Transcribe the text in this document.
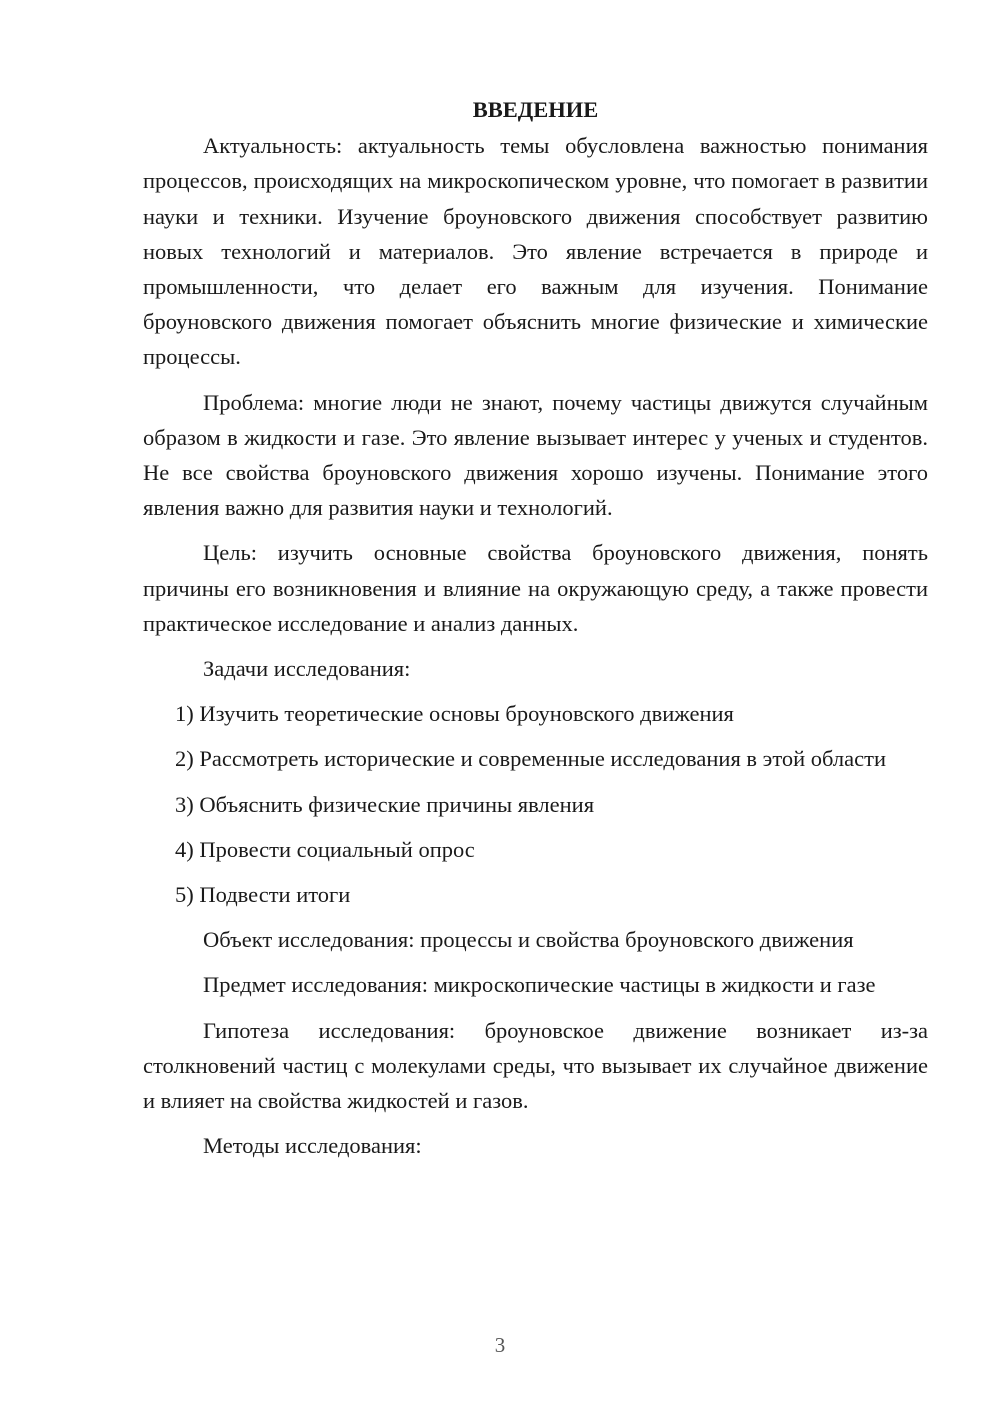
ВВЕДЕНИЕ

Актуальность: актуальность темы обусловлена важностью понимания процессов, происходящих на микроскопическом уровне, что помогает в развитии науки и техники. Изучение броуновского движения способствует развитию новых технологий и материалов. Это явление встречается в природе и промышленности, что делает его важным для изучения. Понимание броуновского движения помогает объяснить многие физические и химические процессы.

Проблема: многие люди не знают, почему частицы движутся случайным образом в жидкости и газе. Это явление вызывает интерес у ученых и студентов. Не все свойства броуновского движения хорошо изучены. Понимание этого явления важно для развития науки и технологий.

Цель: изучить основные свойства броуновского движения, понять причины его возникновения и влияние на окружающую среду, а также провести практическое исследование и анализ данных.

Задачи исследования:

1) Изучить теоретические основы броуновского движения

2) Рассмотреть исторические и современные исследования в этой области

3) Объяснить физические причины явления

4) Провести социальный опрос

5) Подвести итоги

Объект исследования: процессы и свойства броуновского движения

Предмет исследования: микроскопические частицы в жидкости и газе

Гипотеза исследования: броуновское движение возникает из-за столкновений частиц с молекулами среды, что вызывает их случайное движение и влияет на свойства жидкостей и газов.

Методы исследования:

3
